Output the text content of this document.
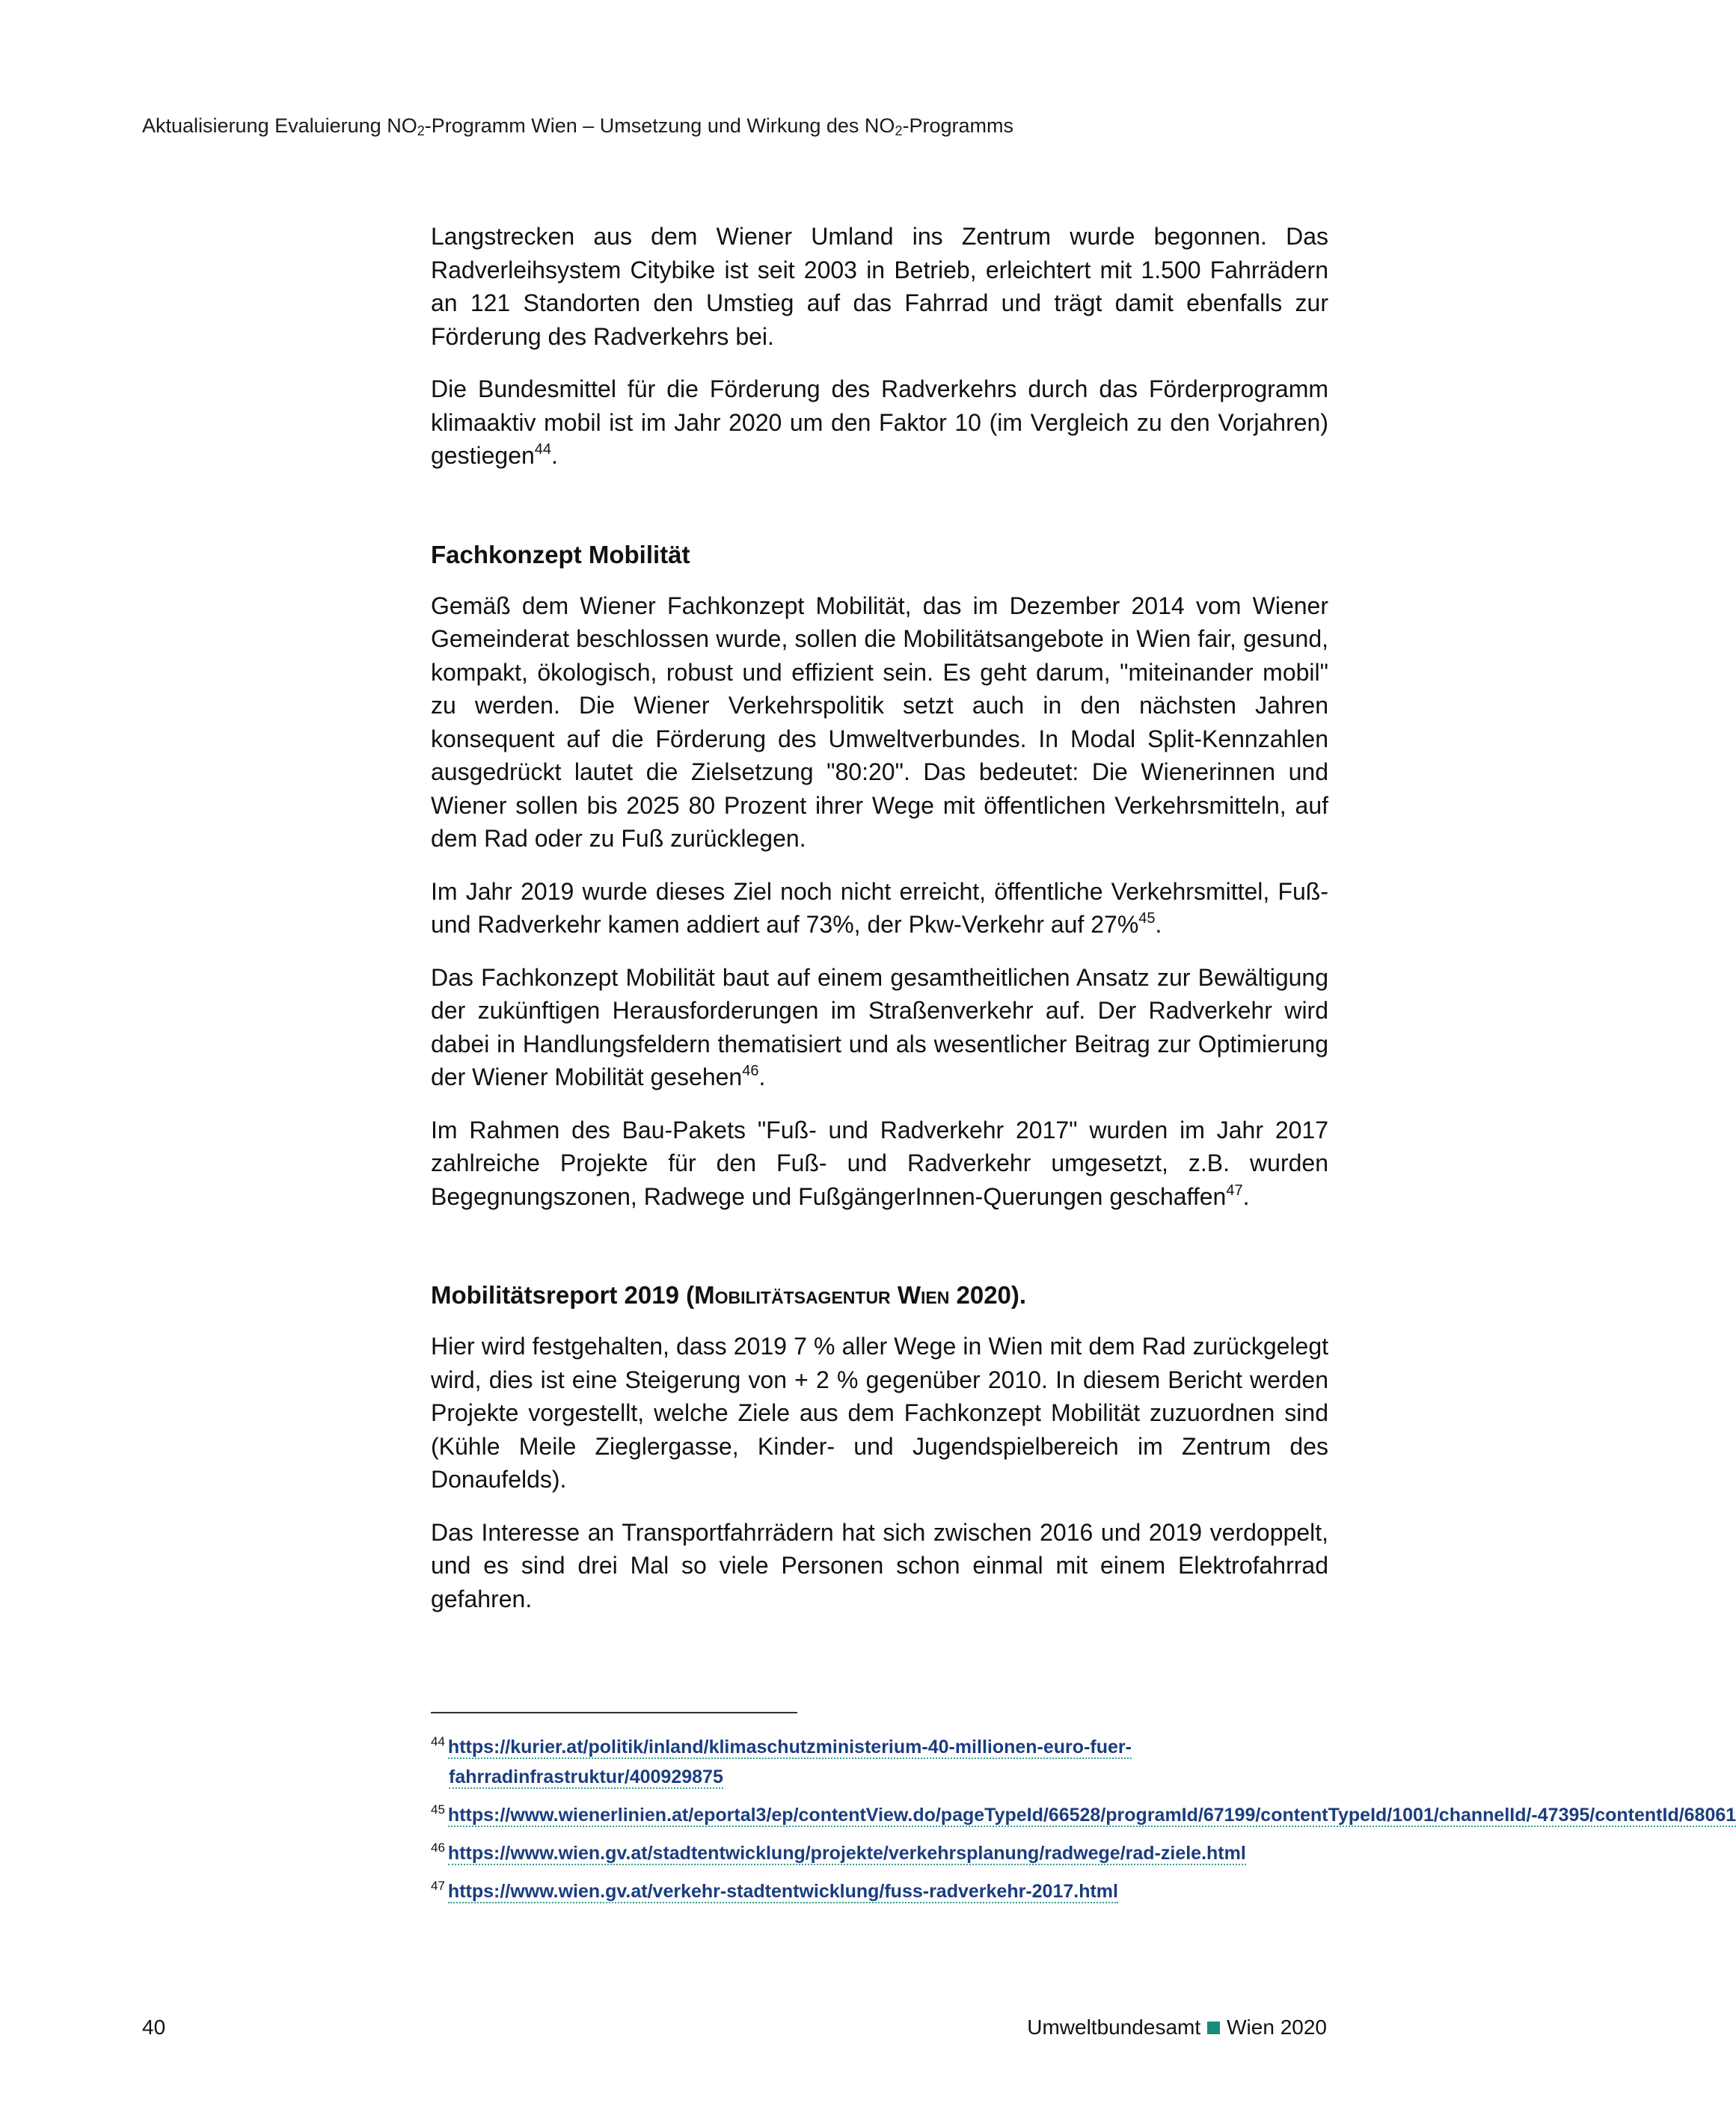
Aktualisierung Evaluierung $NO_2$-Programm Wien – Umsetzung und Wirkung des $NO_2$-Programms

Langstrecken aus dem Wiener Umland ins Zentrum wurde begonnen. Das Radverleihsystem Citybike ist seit 2003 in Betrieb, erleichtert mit 1.500 Fahrrädern an 121 Standorten den Umstieg auf das Fahrrad und trägt damit ebenfalls zur Förderung des Radverkehrs bei.

Die Bundesmittel für die Förderung des Radverkehrs durch das Förderprogramm klimaaktiv mobil ist im Jahr 2020 um den Faktor 10 (im Vergleich zu den Vorjahren) gestiegen$^{44}$.

Fachkonzept Mobilität

Gemäß dem Wiener Fachkonzept Mobilität, das im Dezember 2014 vom Wiener Gemeinderat beschlossen wurde, sollen die Mobilitätsangebote in Wien fair, gesund, kompakt, ökologisch, robust und effizient sein. Es geht darum, "miteinander mobil" zu werden. Die Wiener Verkehrspolitik setzt auch in den nächsten Jahren konsequent auf die Förderung des Umweltverbundes. In Modal Split-Kennzahlen ausgedrückt lautet die Zielsetzung "80:20". Das bedeutet: Die Wienerinnen und Wiener sollen bis 2025 80 Prozent ihrer Wege mit öffentlichen Verkehrsmitteln, auf dem Rad oder zu Fuß zurücklegen.

Im Jahr 2019 wurde dieses Ziel noch nicht erreicht, öffentliche Verkehrsmittel, Fuß- und Radverkehr kamen addiert auf 73%, der Pkw-Verkehr auf 27%$^{45}$.

Das Fachkonzept Mobilität baut auf einem gesamtheitlichen Ansatz zur Bewältigung der zukünftigen Herausforderungen im Straßenverkehr auf. Der Radverkehr wird dabei in Handlungsfeldern thematisiert und als wesentlicher Beitrag zur Optimierung der Wiener Mobilität gesehen$^{46}$.

Im Rahmen des Bau-Pakets "Fuß- und Radverkehr 2017" wurden im Jahr 2017 zahlreiche Projekte für den Fuß- und Radverkehr umgesetzt, z.B. wurden Begegnungszonen, Radwege und FußgängerInnen-Querungen geschaffen$^{47}$.

Mobilitätsreport 2019 (Mobilitätsagentur Wien 2020).

Hier wird festgehalten, dass 2019 7 % aller Wege in Wien mit dem Rad zurückgelegt wird, dies ist eine Steigerung von + 2 % gegenüber 2010. In diesem Bericht werden Projekte vorgestellt, welche Ziele aus dem Fachkonzept Mobilität zuzuordnen sind (Kühle Meile Zieglergasse, Kinder- und Jugendspielbereich im Zentrum des Donaufelds).

Das Interesse an Transportfahrrädern hat sich zwischen 2016 und 2019 verdoppelt, und es sind drei Mal so viele Personen schon einmal mit einem Elektrofahrrad gefahren.

$^{44}$ https://kurier.at/politik/inland/klimaschutzministerium-40-millionen-euro-fuer-fahrradinfrastruktur/400929875

$^{45}$ https://www.wienerlinien.at/eportal3/ep/contentView.do/pageTypeId/66528/programId/67199/contentTypeId/1001/channelId/-47395/contentId/68061

$^{46}$ https://www.wien.gv.at/stadtentwicklung/projekte/verkehrsplanung/radwege/rad-ziele.html

$^{47}$ https://www.wien.gv.at/verkehr-stadtentwicklung/fuss-radverkehr-2017.html

40	Umweltbundesamt Wien 2020
